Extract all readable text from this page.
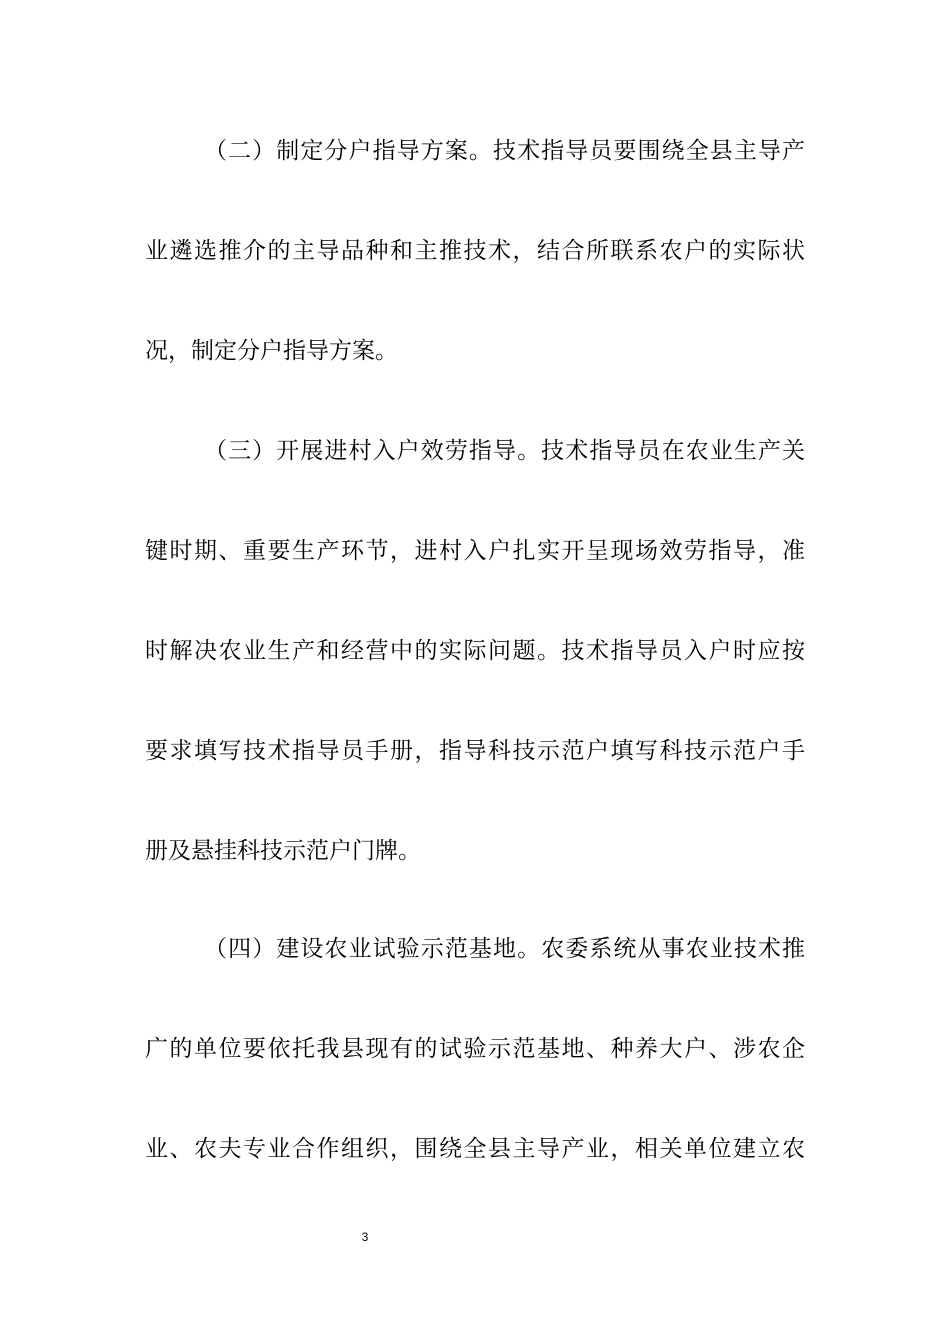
（二）制定分户指导方案。技术指导员要围绕全县主导产
业遴选推介的主导品种和主推技术，结合所联系农户的实际状
况，制定分户指导方案。
（三）开展进村入户效劳指导。技术指导员在农业生产关
键时期、重要生产环节，进村入户扎实开呈现场效劳指导，准
时解决农业生产和经营中的实际问题。技术指导员入户时应按
要求填写技术指导员手册，指导科技示范户填写科技示范户手
册及悬挂科技示范户门牌。
（四）建设农业试验示范基地。农委系统从事农业技术推
广的单位要依托我县现有的试验示范基地、种养大户、涉农企
业、农夫专业合作组织，围绕全县主导产业，相关单位建立农
3
